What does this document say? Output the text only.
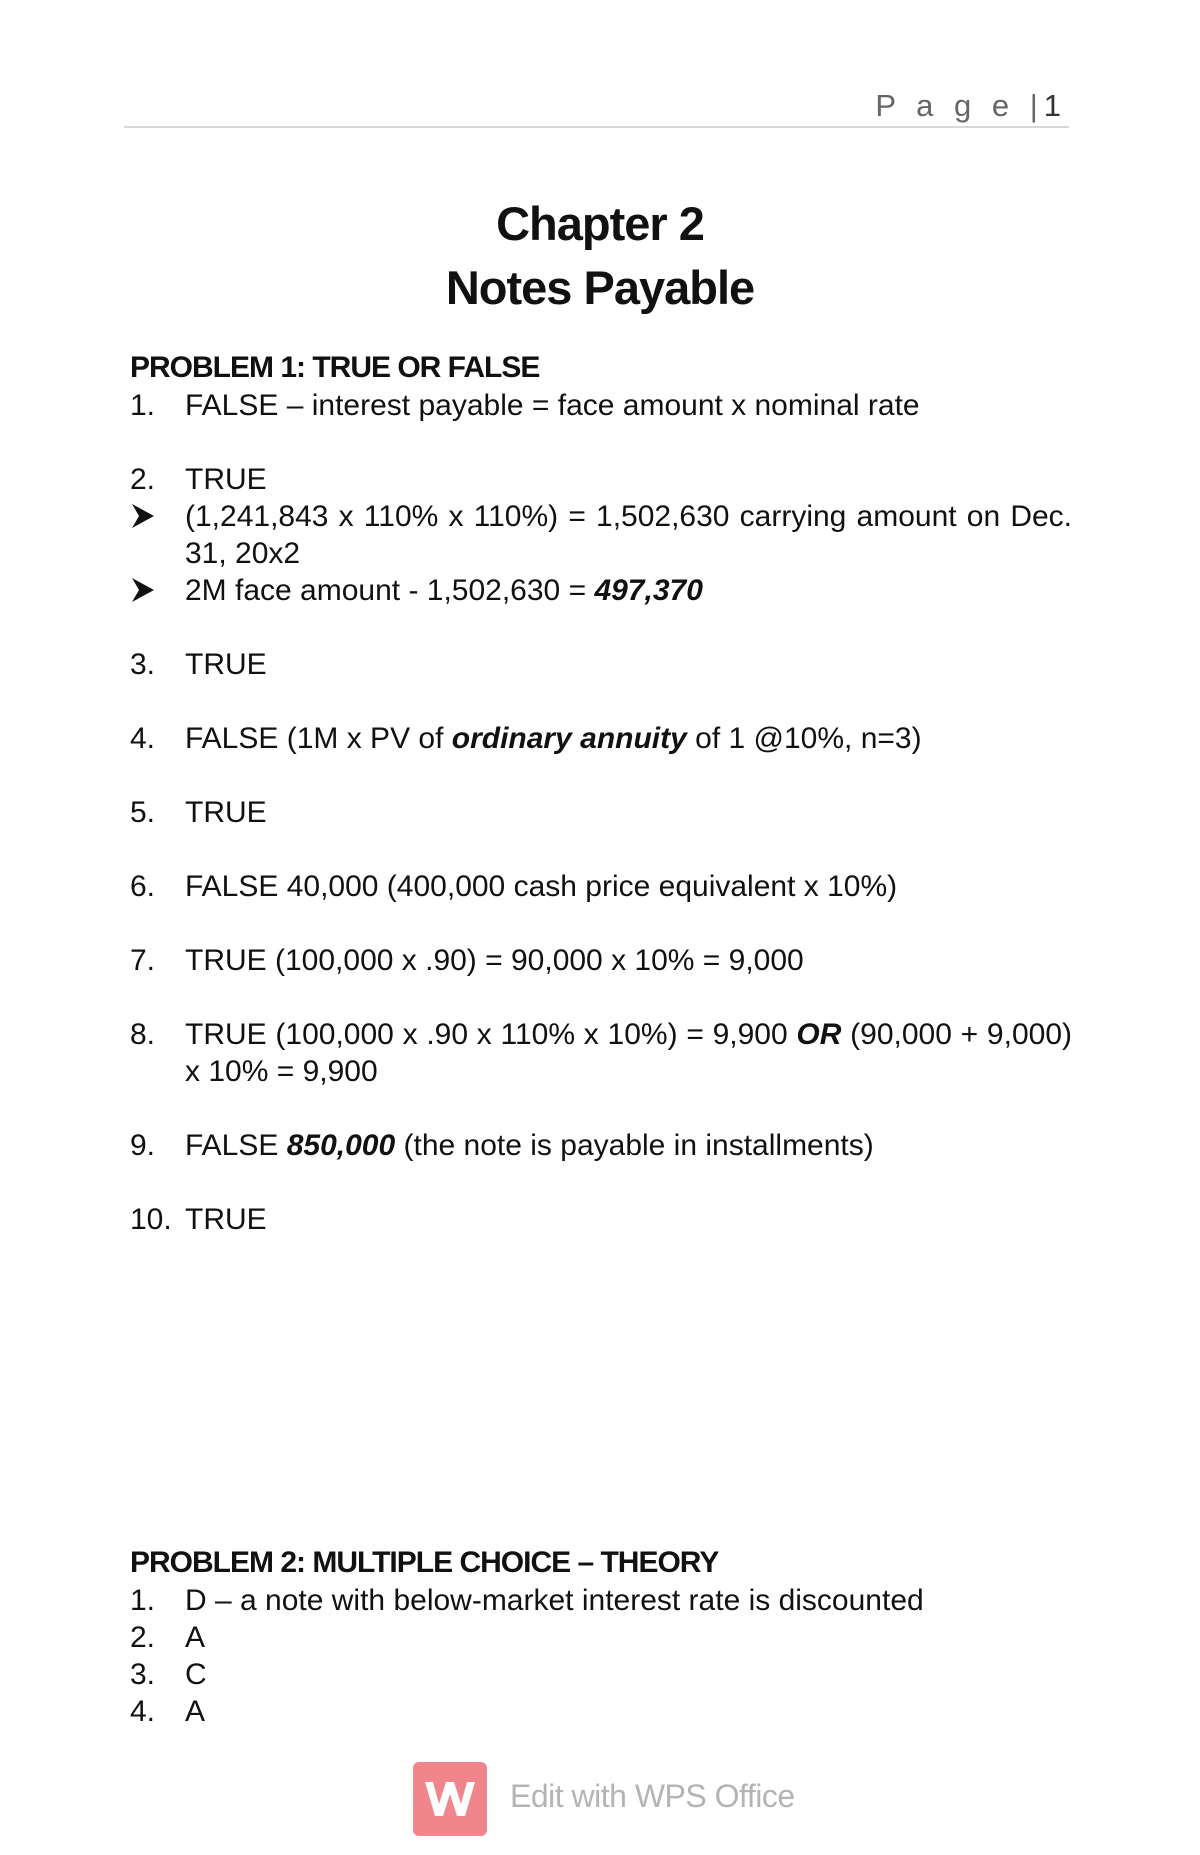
P a g e |1
Chapter 2
Notes Payable
PROBLEM 1: TRUE OR FALSE
1. FALSE – interest payable = face amount x nominal rate
2. TRUE
(1,241,843 x 110% x 110%) = 1,502,630 carrying amount on Dec. 31, 20x2
2M face amount - 1,502,630 = 497,370
3. TRUE
4. FALSE (1M x PV of ordinary annuity of 1 @10%, n=3)
5. TRUE
6. FALSE 40,000 (400,000 cash price equivalent x 10%)
7. TRUE (100,000 x .90) = 90,000 x 10% = 9,000
8. TRUE (100,000 x .90 x 110% x 10%) = 9,900 OR (90,000 + 9,000) x 10% = 9,900
9. FALSE 850,000 (the note is payable in installments)
10. TRUE
PROBLEM 2: MULTIPLE CHOICE – THEORY
1. D – a note with below-market interest rate is discounted
2. A
3. C
4. A
Edit with WPS Office
